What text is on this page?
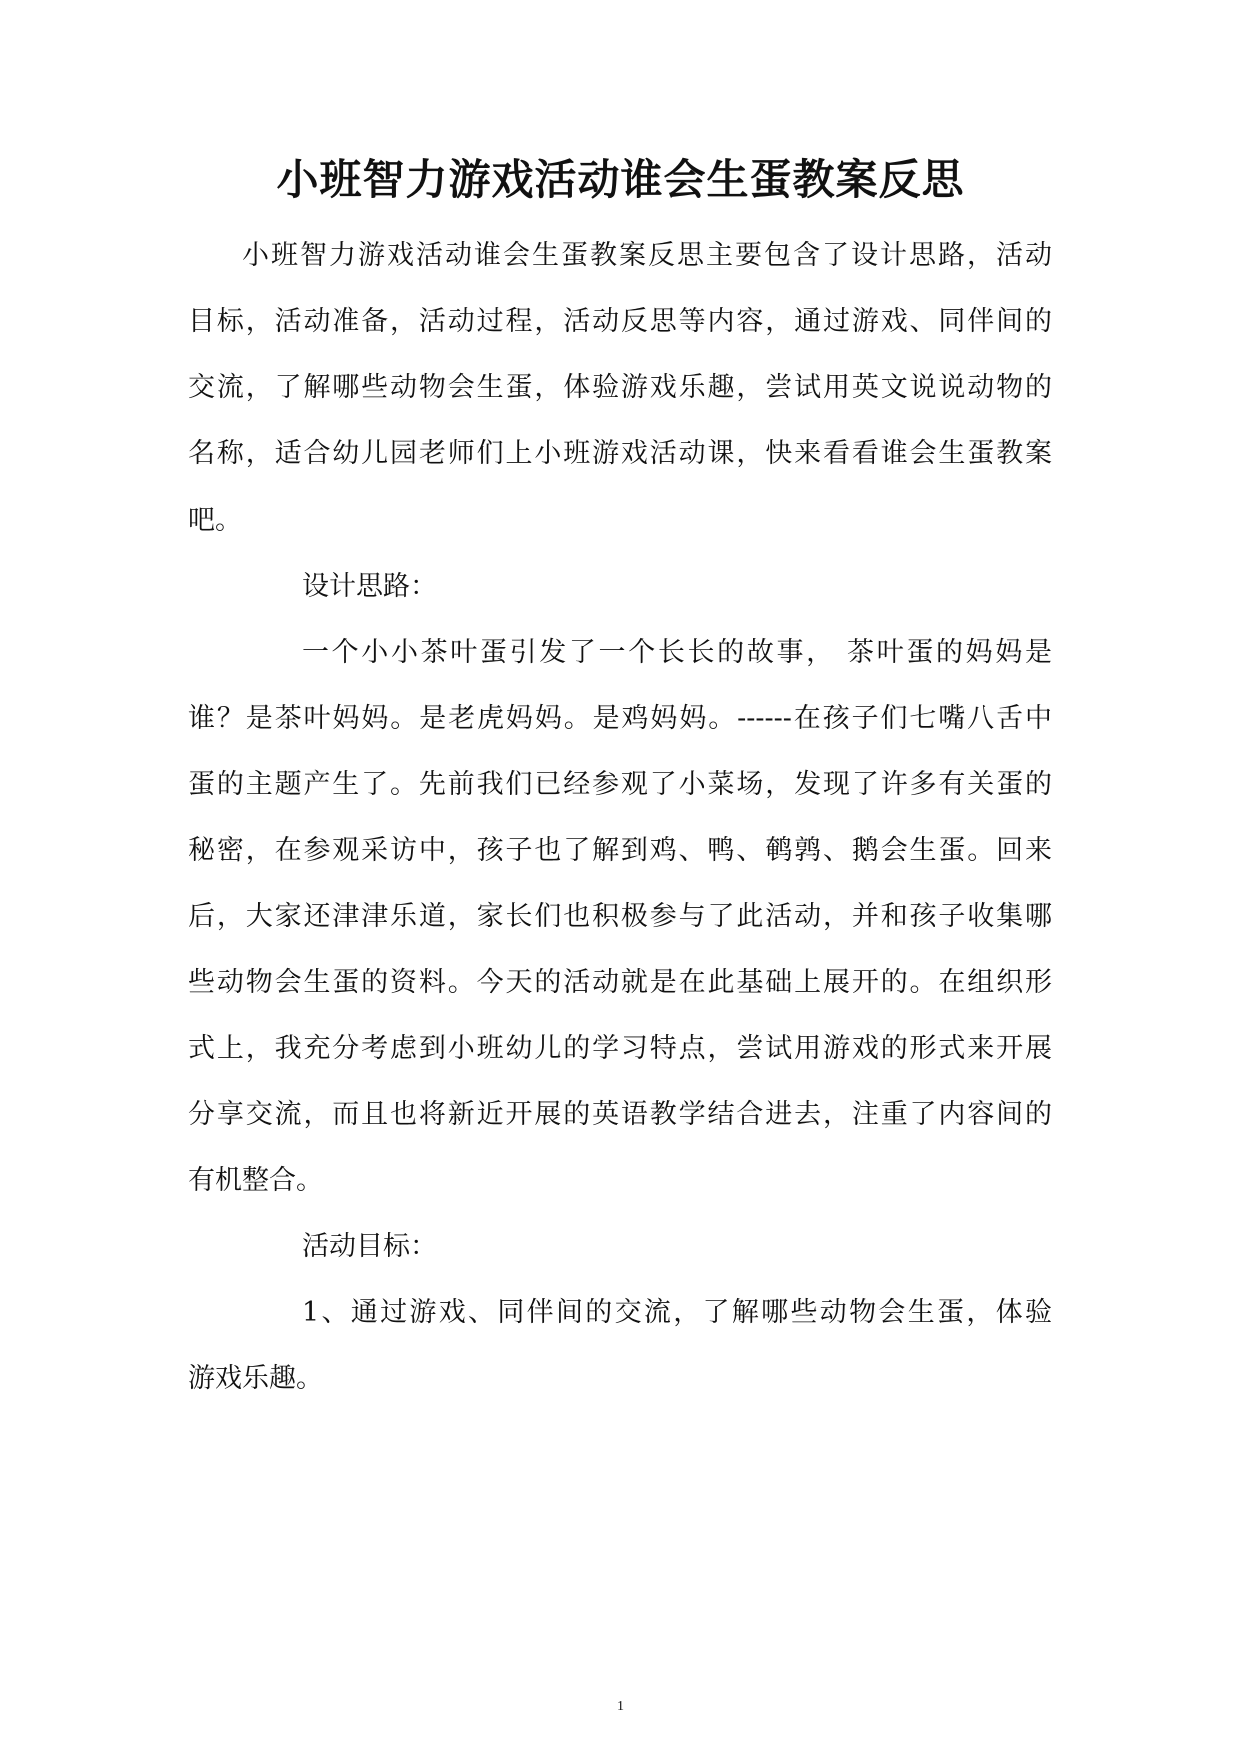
小班智力游戏活动谁会生蛋教案反思

小班智力游戏活动谁会生蛋教案反思主要包含了设计思路，活动

目标，活动准备，活动过程，活动反思等内容，通过游戏、同伴间的

交流，了解哪些动物会生蛋，体验游戏乐趣，尝试用英文说说动物的

名称，适合幼儿园老师们上小班游戏活动课，快来看看谁会生蛋教案

吧。

设计思路：

一个小小茶叶蛋引发了一个长长的故事， 茶叶蛋的妈妈是

谁？是茶叶妈妈。是老虎妈妈。是鸡妈妈。------在孩子们七嘴八舌中

蛋的主题产生了。先前我们已经参观了小菜场，发现了许多有关蛋的

秘密，在参观采访中，孩子也了解到鸡、鸭、鹌鹑、鹅会生蛋。回来

后，大家还津津乐道，家长们也积极参与了此活动，并和孩子收集哪

些动物会生蛋的资料。今天的活动就是在此基础上展开的。在组织形

式上，我充分考虑到小班幼儿的学习特点，尝试用游戏的形式来开展

分享交流，而且也将新近开展的英语教学结合进去，注重了内容间的

有机整合。

活动目标：

1、通过游戏、同伴间的交流，了解哪些动物会生蛋，体验

游戏乐趣。

1
